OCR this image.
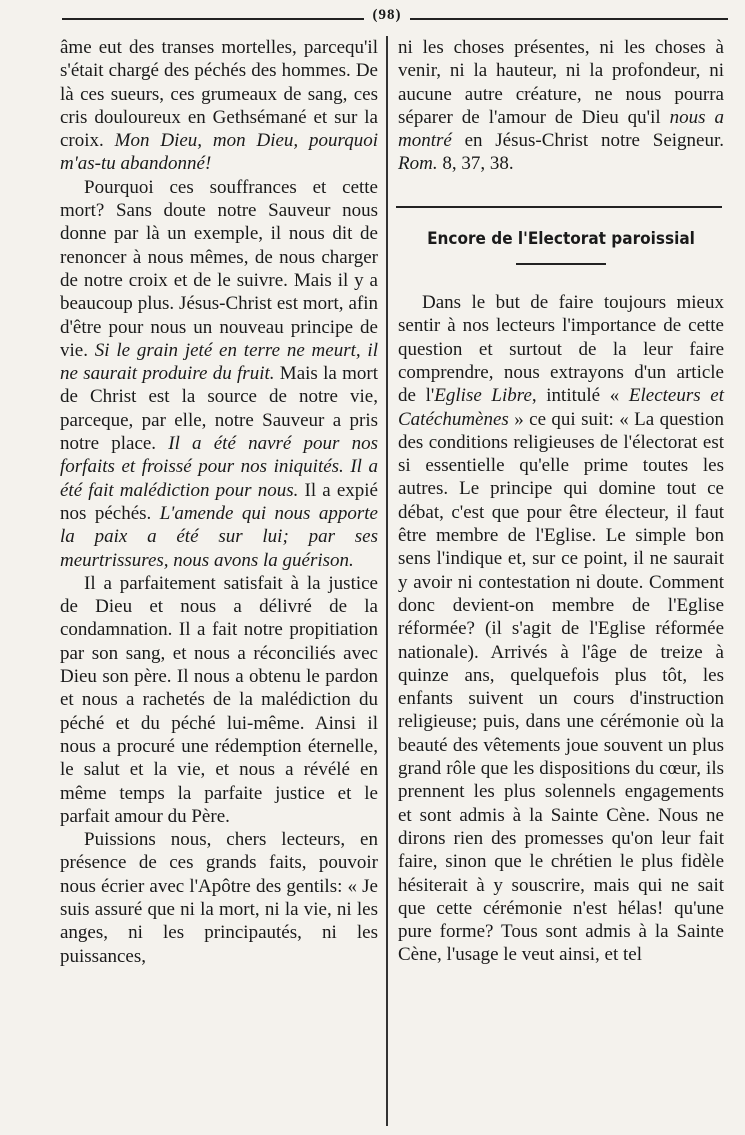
(98)

âme eut des transes mortelles, parcequ'il s'était chargé des péchés des hommes. De là ces sueurs, ces grumeaux de sang, ces cris douloureux en Gethsémané et sur la croix. Mon Dieu, mon Dieu, pourquoi m'as-tu abandonné!

Pourquoi ces souffrances et cette mort? Sans doute notre Sauveur nous donne par là un exemple, il nous dit de renoncer à nous mêmes, de nous charger de notre croix et de le suivre. Mais il y a beaucoup plus. Jésus-Christ est mort, afin d'être pour nous un nouveau principe de vie. Si le grain jeté en terre ne meurt, il ne saurait produire du fruit. Mais la mort de Christ est la source de notre vie, parceque, par elle, notre Sauveur a pris notre place. Il a été navré pour nos forfaits et froissé pour nos iniquités. Il a été fait malédiction pour nous. Il a expié nos péchés. L'amende qui nous apporte la paix a été sur lui; par ses meurtrissures, nous avons la guérison.

Il a parfaitement satisfait à la justice de Dieu et nous a délivré de la condamnation. Il a fait notre propitiation par son sang, et nous a réconciliés avec Dieu son père. Il nous a obtenu le pardon et nous a rachetés de la malédiction du péché et du péché lui-même. Ainsi il nous a procuré une rédemption éternelle, le salut et la vie, et nous a révélé en même temps la parfaite justice et le parfait amour du Père.

Puissions nous, chers lecteurs, en présence de ces grands faits, pouvoir nous écrier avec l'Apôtre des gentils: « Je suis assuré que ni la mort, ni la vie, ni les anges, ni les principautés, ni les puissances,

ni les choses présentes, ni les choses à venir, ni la hauteur, ni la profondeur, ni aucune autre créature, ne nous pourra séparer de l'amour de Dieu qu'il nous a montré en Jésus-Christ notre Seigneur. Rom. 8, 37, 38.

Encore de l'Electorat paroissial

Dans le but de faire toujours mieux sentir à nos lecteurs l'importance de cette question et surtout de la leur faire comprendre, nous extrayons d'un article de l'Eglise Libre, intitulé « Electeurs et Catéchumènes » ce qui suit: « La question des conditions religieuses de l'électorat est si essentielle qu'elle prime toutes les autres. Le principe qui domine tout ce débat, c'est que pour être électeur, il faut être membre de l'Eglise. Le simple bon sens l'indique et, sur ce point, il ne saurait y avoir ni contestation ni doute. Comment donc devient-on membre de l'Eglise réformée? (il s'agit de l'Eglise réformée nationale). Arrivés à l'âge de treize à quinze ans, quelquefois plus tôt, les enfants suivent un cours d'instruction religieuse; puis, dans une cérémonie où la beauté des vêtements joue souvent un plus grand rôle que les dispositions du cœur, ils prennent les plus solennels engagements et sont admis à la Sainte Cène. Nous ne dirons rien des promesses qu'on leur fait faire, sinon que le chrétien le plus fidèle hésiterait à y souscrire, mais qui ne sait que cette cérémonie n'est hélas! qu'une pure forme? Tous sont admis à la Sainte Cène, l'usage le veut ainsi, et tel
